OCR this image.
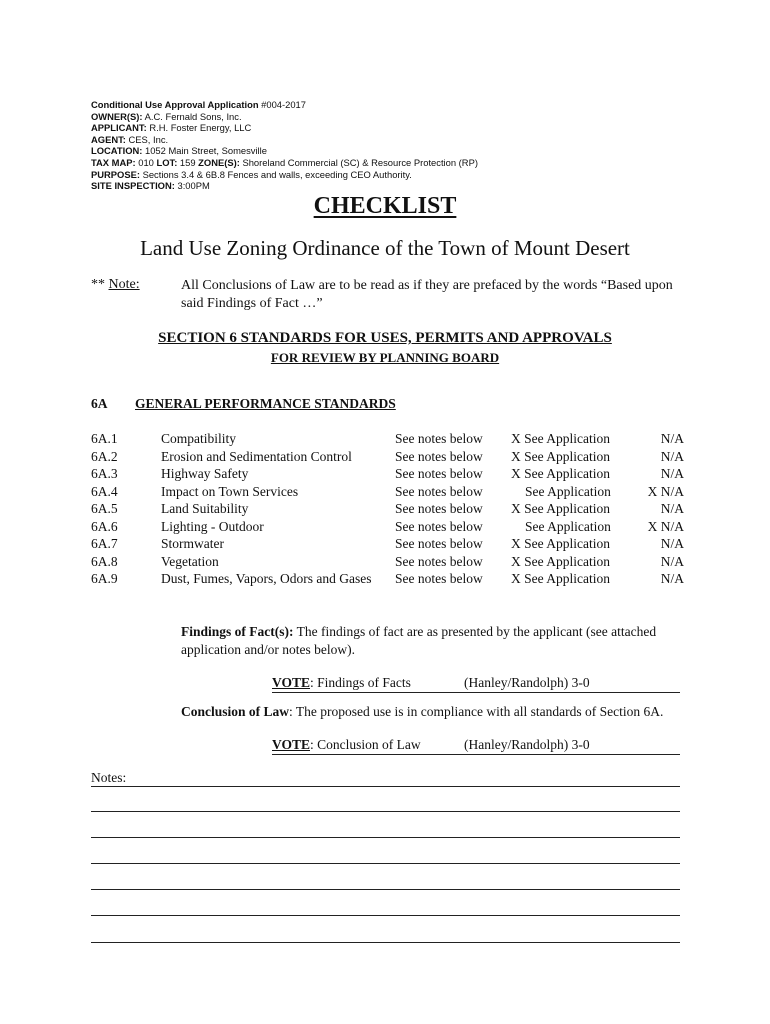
Conditional Use Approval Application #004-2017
OWNER(S): A.C. Fernald Sons, Inc.
APPLICANT: R.H. Foster Energy, LLC
AGENT: CES, Inc.
LOCATION: 1052 Main Street, Somesville
TAX MAP: 010 LOT: 159 ZONE(S): Shoreland Commercial (SC) & Resource Protection (RP)
PURPOSE: Sections 3.4 & 6B.8 Fences and walls, exceeding CEO Authority.
SITE INSPECTION: 3:00PM
CHECKLIST
Land Use Zoning Ordinance of the Town of Mount Desert
** Note:	All Conclusions of Law are to be read as if they are prefaced by the words “Based upon said Findings of Fact …”
SECTION 6 STANDARDS FOR USES, PERMITS AND APPROVALS
FOR REVIEW BY PLANNING BOARD
6A GENERAL PERFORMANCE STANDARDS
6A.1	Compatibility	See notes below X See Application	N/A
6A.2	Erosion and Sedimentation Control	See notes below X See Application	N/A
6A.3	Highway Safety	See notes below X See Application	N/A
6A.4	Impact on Town Services	See notes below	See Application	X N/A
6A.5	Land Suitability	See notes below X See Application	N/A
6A.6	Lighting - Outdoor	See notes below	See Application	X N/A
6A.7	Stormwater	See notes below X See Application	N/A
6A.8	Vegetation	See notes below X See Application	N/A
6A.9	Dust, Fumes, Vapors, Odors and Gases	See notes below X See Application	N/A
Findings of Fact(s): The findings of fact are as presented by the applicant (see attached application and/or notes below).
VOTE: Findings of Facts	(Hanley/Randolph) 3-0
Conclusion of Law: The proposed use is in compliance with all standards of Section 6A.
VOTE: Conclusion of Law	(Hanley/Randolph) 3-0
Notes:
